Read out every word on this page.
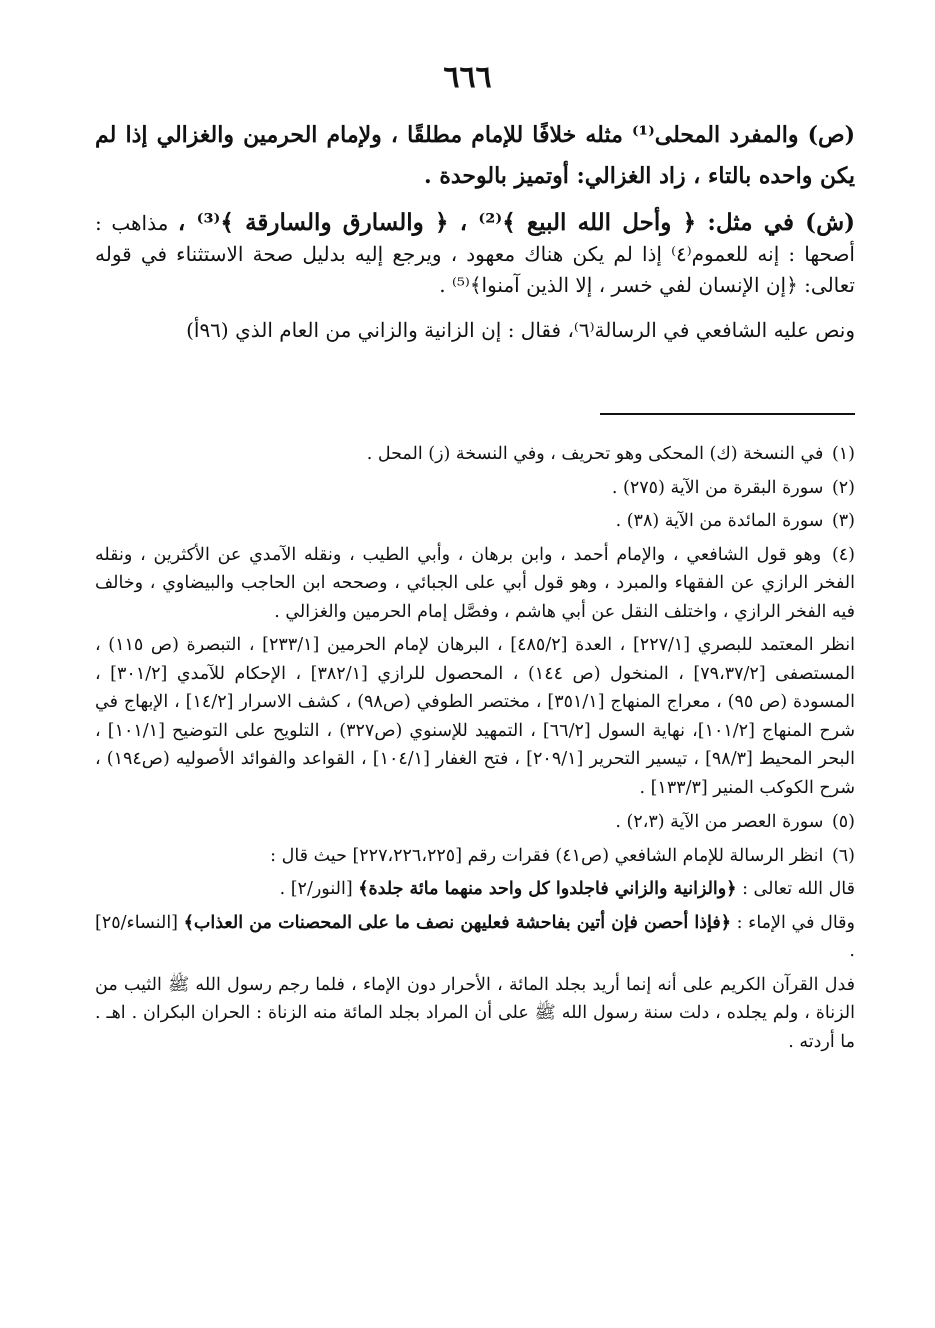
٦٦٦

(ص) والمفرد المحلى⁽¹⁾ مثله خلافًا للإمام مطلقًا ، ولإمام الحرمين والغزالي إذا لم يكن واحده بالتاء ، زاد الغزالي: أوتميز بالوحدة .

(ش) في مثل: ﴿ وأحل الله البيع ﴾⁽²⁾ ، ﴿ والسارق والسارقة ﴾⁽³⁾ ، مذاهب : أصحها : إنه للعموم⁽٤⁾ إذا لم يكن هناك معهود ، ويرجع إليه بدليل صحة الاستثناء في قوله تعالى: ﴿إن الإنسان لفي خسر ، إلا الذين آمنوا﴾⁽⁵⁾ .

ونص عليه الشافعي في الرسالة⁽٦⁾، فقال : إن الزانية والزاني من العام الذي (٩٦أ)

(١) في النسخة (ك) المحكى وهو تحريف ، وفي النسخة (ز) المحل .

(٢) سورة البقرة من الآية (٢٧٥) .

(٣) سورة المائدة من الآية (٣٨) .

(٤) وهو قول الشافعي ، والإمام أحمد ، وابن برهان ، وأبي الطيب ، ونقله الآمدي عن الأكثرين ، ونقله الفخر الرازي عن الفقهاء والمبرد ، وهو قول أبي على الجبائي ، وصححه ابن الحاجب والبيضاوي ، وخالف فيه الفخر الرازي ، واختلف النقل عن أبي هاشم ، وفصَّل إمام الحرمين والغزالي .

انظر المعتمد للبصري [٢٢٧/١] ، العدة [٤٨٥/٢] ، البرهان لإمام الحرمين [٢٣٣/١] ، التبصرة (ص ١١٥) ، المستصفى [٧٩،٣٧/٢] ، المنخول (ص ١٤٤) ، المحصول للرازي [٣٨٢/١] ، الإحكام للآمدي [٣٠١/٢] ، المسودة (ص ٩٥) ، معراج المنهاج [٣٥١/١] ، مختصر الطوفي (ص٩٨) ، كشف الاسرار [١٤/٢] ، الإبهاج في شرح المنهاج [١٠١/٢]، نهاية السول [٦٦/٢] ، التمهيد للإسنوي (ص٣٢٧) ، التلويح على التوضيح [١٠١/١] ، البحر المحيط [٩٨/٣] ، تيسير التحرير [٢٠٩/١] ، فتح الغفار [١٠٤/١] ، القواعد والفوائد الأصوليه (ص١٩٤) ، شرح الكوكب المنير [١٣٣/٣] .

(٥) سورة العصر من الآية (٢،٣) .

(٦) انظر الرسالة للإمام الشافعي (ص٤١) فقرات رقم [٢٢٧،٢٢٦،٢٢٥] حيث قال :

قال الله تعالى : ﴿والزانية والزاني فاجلدوا كل واحد منهما مائة جلدة﴾ [النور/٢] .

وقال في الإماء : ﴿فإذا أحصن فإن أتين بفاحشة فعليهن نصف ما على المحصنات من العذاب﴾ [النساء/٢٥] .

فدل القرآن الكريم على أنه إنما أريد بجلد المائة ، الأحرار دون الإماء ، فلما رجم رسول الله ﷺ الثيب من الزناة ، ولم يجلده ، دلت سنة رسول الله ﷺ على أن المراد بجلد المائة منه الزناة : الحران البكران . اهـ . ما أردته .
